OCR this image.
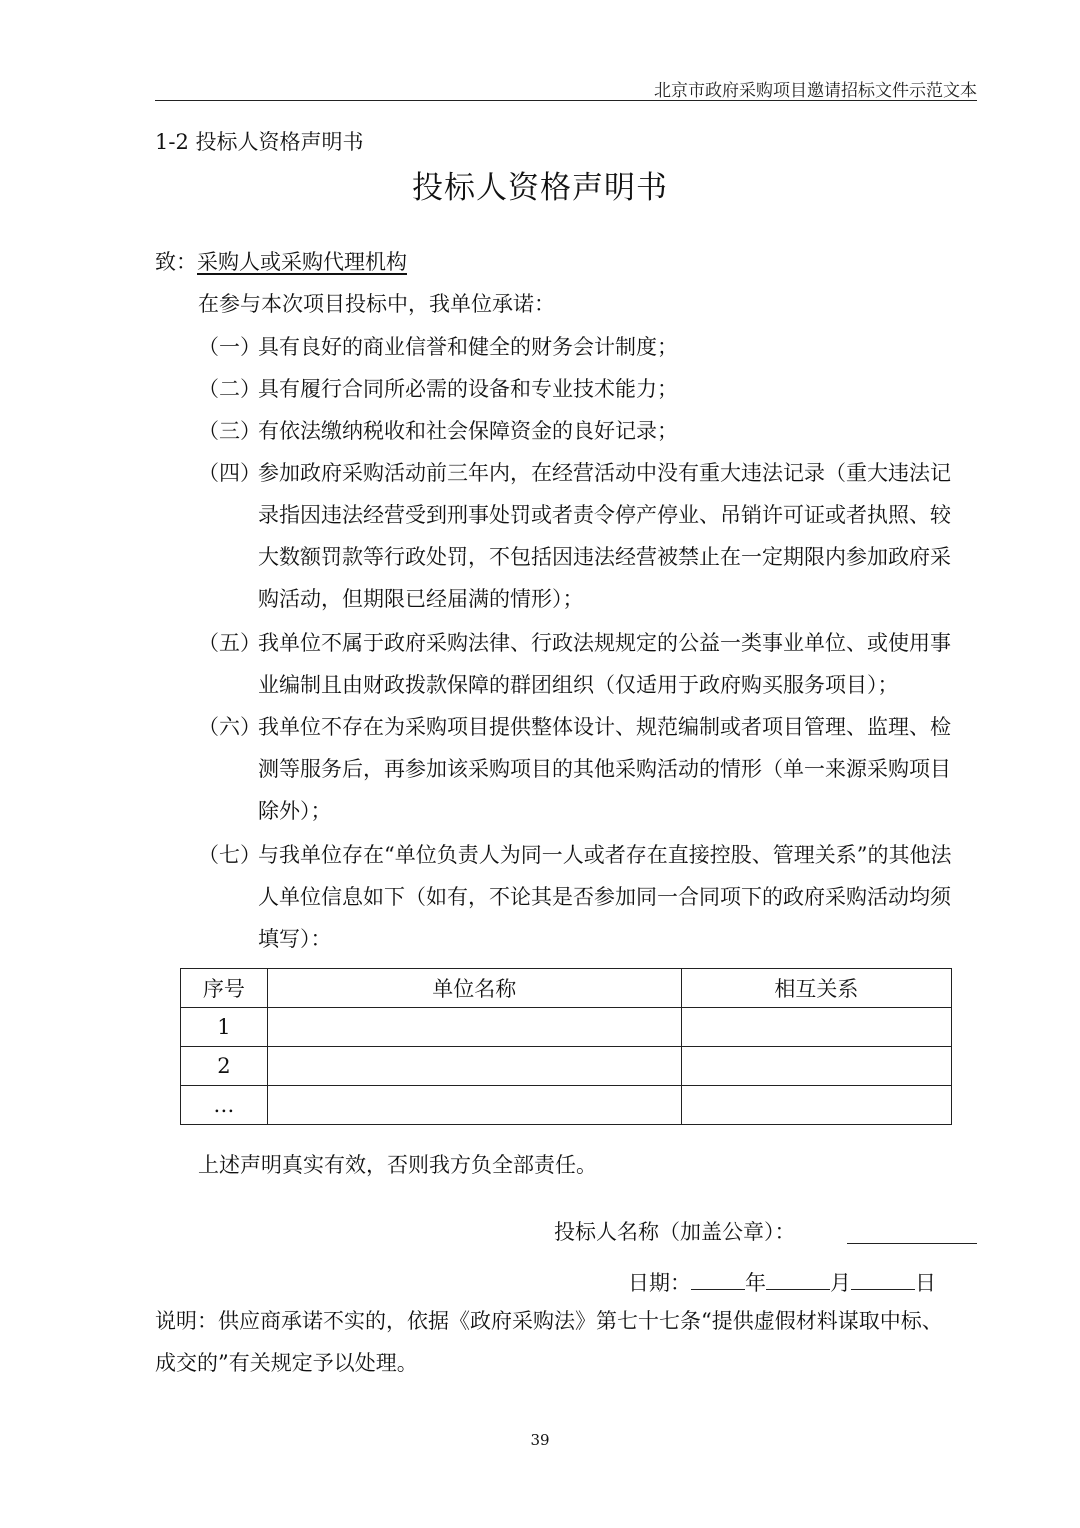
北京市政府采购项目邀请招标文件示范文本
1-2 投标人资格声明书
投标人资格声明书
致：采购人或采购代理机构
在参与本次项目投标中，我单位承诺：
（一）
具有良好的商业信誉和健全的财务会计制度；
（二）
具有履行合同所必需的设备和专业技术能力；
（三）
有依法缴纳税收和社会保障资金的良好记录；
（四）
参加政府采购活动前三年内，在经营活动中没有重大违法记录（重大违法记
录指因违法经营受到刑事处罚或者责令停产停业、吊销许可证或者执照、较
大数额罚款等行政处罚，不包括因违法经营被禁止在一定期限内参加政府采
购活动，但期限已经届满的情形）；
（五）
我单位不属于政府采购法律、行政法规规定的公益一类事业单位、或使用事
业编制且由财政拨款保障的群团组织（仅适用于政府购买服务项目）；
（六）
我单位不存在为采购项目提供整体设计、规范编制或者项目管理、监理、检
测等服务后，再参加该采购项目的其他采购活动的情形（单一来源采购项目
除外）；
（七）
与我单位存在“单位负责人为同一人或者存在直接控股、管理关系”的其他法
人单位信息如下（如有，不论其是否参加同一合同项下的政府采购活动均须
填写）：
序号	单位名称	相互关系
1		
2		
…		
上述声明真实有效，否则我方负全部责任。
投标人名称（加盖公章）：
日期：	年	月	日
说明：供应商承诺不实的，依据《政府采购法》第七十七条“提供虚假材料谋取中标、
成交的”有关规定予以处理。
39
